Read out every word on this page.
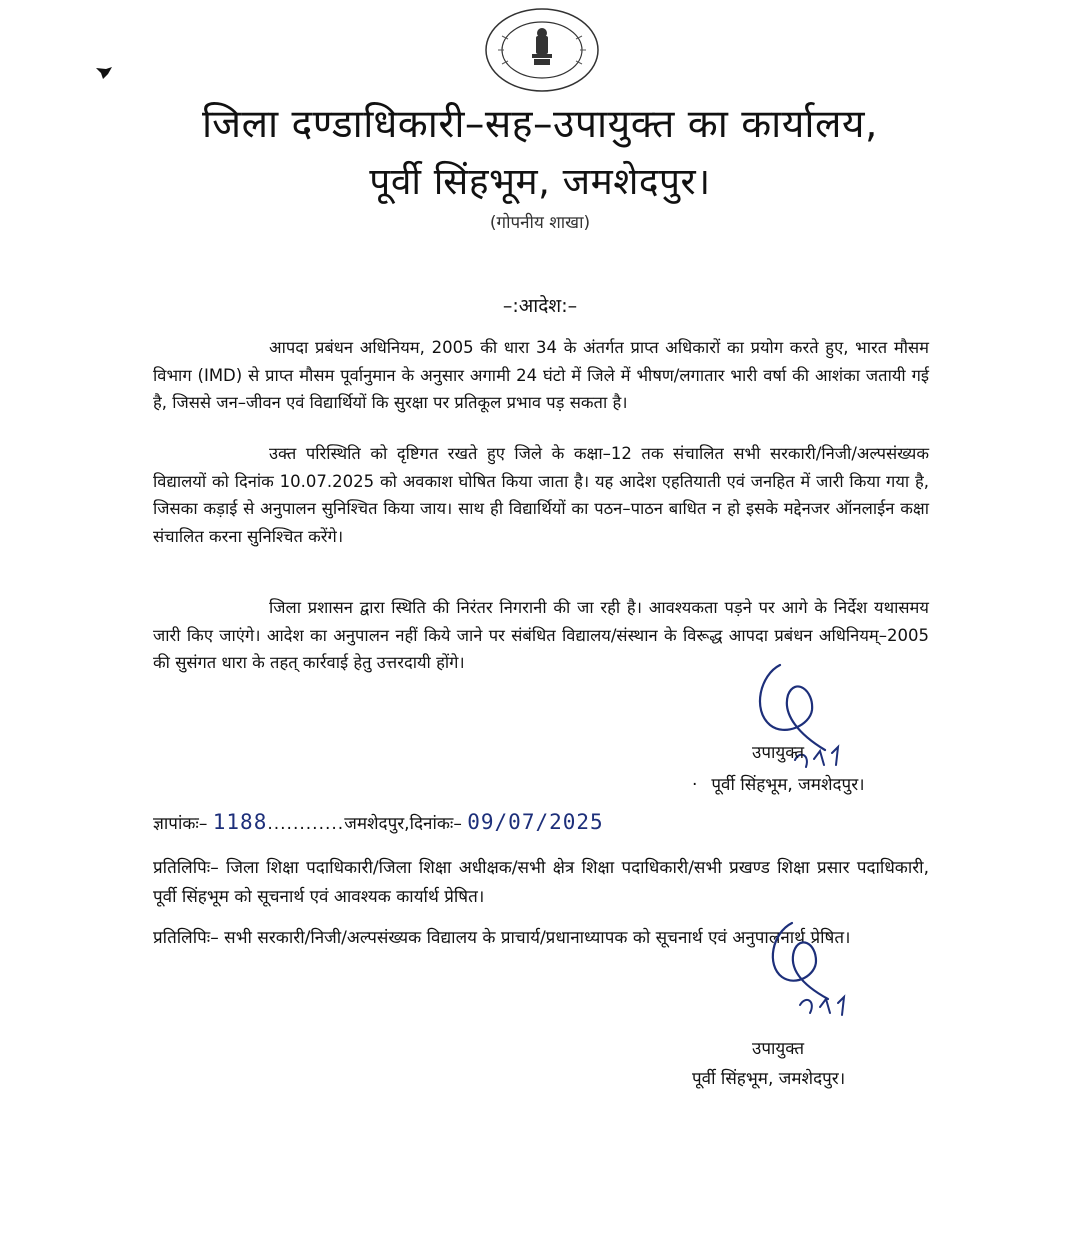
जिला दण्डाधिकारी–सह–उपायुक्त का कार्यालय,
पूर्वी सिंहभूम, जमशेदपुर।
(गोपनीय शाखा)
–:आदेश:–

आपदा प्रबंधन अधिनियम, 2005 की धारा 34 के अंतर्गत प्राप्त अधिकारों का प्रयोग करते हुए, भारत मौसम विभाग (IMD) से प्राप्त मौसम पूर्वानुमान के अनुसार अगामी 24 घंटो में जिले में भीषण/लगातार भारी वर्षा की आशंका जतायी गई है, जिससे जन–जीवन एवं विद्यार्थियों कि सुरक्षा पर प्रतिकूल प्रभाव पड़ सकता है।

उक्त परिस्थिति को दृष्टिगत रखते हुए जिले के कक्षा–12 तक संचालित सभी सरकारी/निजी/अल्पसंख्यक विद्यालयों को दिनांक 10.07.2025 को अवकाश घोषित किया जाता है। यह आदेश एहतियाती एवं जनहित में जारी किया गया है, जिसका कड़ाई से अनुपालन सुनिश्चित किया जाय। साथ ही विद्यार्थियों का पठन–पाठन बाधित न हो इसके मद्देनजर ऑनलाईन कक्षा संचालित करना सुनिश्चित करेंगे।

जिला प्रशासन द्वारा स्थिति की निरंतर निगरानी की जा रही है। आवश्यकता पड़ने पर आगे के निर्देश यथासमय जारी किए जाएंगे। आदेश का अनुपालन नहीं किये जाने पर संबंधित विद्यालय/संस्थान के विरूद्ध आपदा प्रबंधन अधिनियम्–2005 की सुसंगत धारा के तहत् कार्रवाई हेतु उत्तरदायी होंगे।

उपायुक्त
· पूर्वी सिंहभूम, जमशेदपुर।
ज्ञापांकः– 1188............जमशेदपुर,दिनांकः– 09/07/2025

प्रतिलिपिः– जिला शिक्षा पदाधिकारी/जिला शिक्षा अधीक्षक/सभी क्षेत्र शिक्षा पदाधिकारी/सभी प्रखण्ड शिक्षा प्रसार पदाधिकारी, पूर्वी सिंहभूम को सूचनार्थ एवं आवश्यक कार्यार्थ प्रेषित।

प्रतिलिपिः– सभी सरकारी/निजी/अल्पसंख्यक विद्यालय के प्राचार्य/प्रधानाध्यापक को सूचनार्थ एवं अनुपालनार्थ प्रेषित।

उपायुक्त
पूर्वी सिंहभूम, जमशेदपुर।
